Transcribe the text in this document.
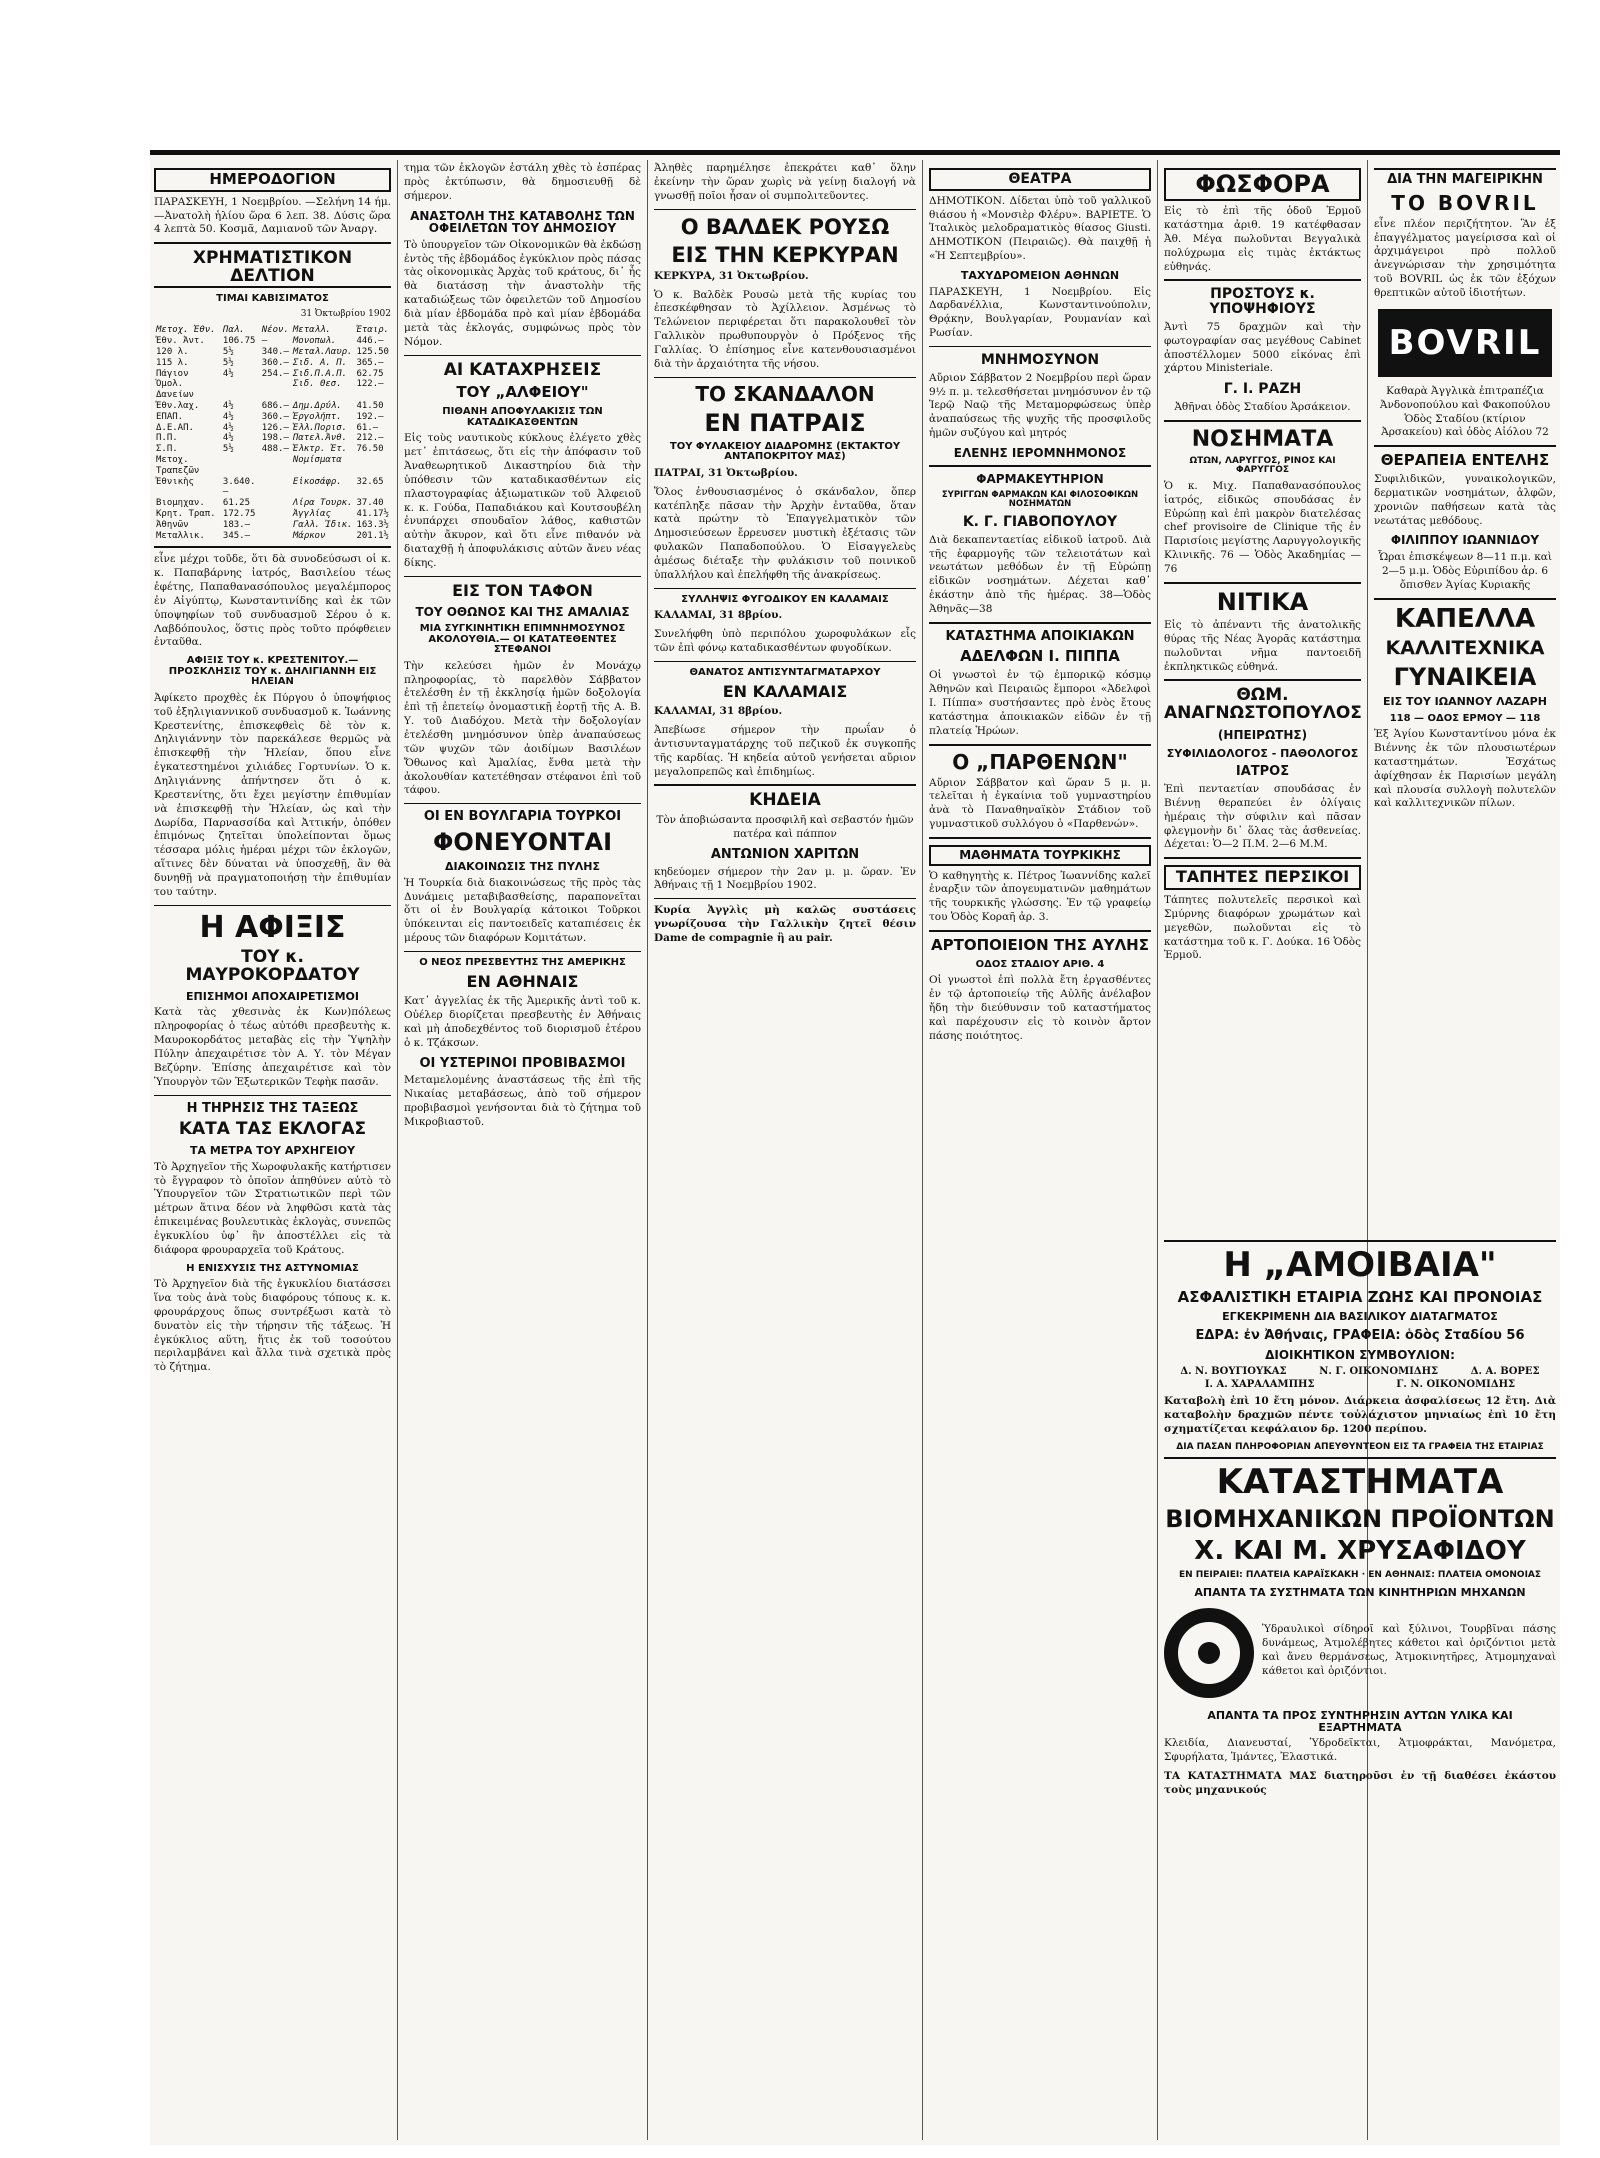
ΗΜΕΡΟΔΟΓΙΟΝ

ΠΑΡΑΣΚΕΥΗ, 1 Νοεμβρίου. —Σελήνη 14 ήμ.—Ἀνατολὴ ἡλίου ὥρα 6 λεπ. 38. Δύσις ὥρα 4 λεπτὰ 50. Κοσμᾶ, Δαμιανοῦ τῶν Ἀναργ.

ΧΡΗΜΑΤΙΣΤΙΚΟΝ ΔΕΛΤΙΟΝ
ΤΙΜΑΙ ΚΑΒΙΣΙΜΑΤΟΣ
31 Ὀκτωβρίου 1902
Μετοχ. Ἐθν.	Παλ.	Νέον.	Μεταλλ.	Ἐταιρ.
Ἐθν. Ἀντ.	106.75	—	Μονοπωλ.	446.—
120 λ.	5½	340.—	Μεταλ.Λαυρ.	125.50
115 λ.	5½	360.—	Σιδ. Α. Π.	365.—
Πάγιον	4½	254.—	Σιδ.Π.Α.Π.	62.75
Ὁμολ. Δανείων			Σιδ. Θεσ.	122.—
Ἐθν.λαχ.	4½	686.—	Δημ.Δρύλ.	41.50
ΕΠΑΠ.	4½	360.—	Ἐργολήπτ.	192.—
Δ.Ε.ΑΠ.	4½	126.—	Ἑλλ.Πορισ.	61.—
Π.Π.	4½	198.—	Πατελ.Ἀνθ.	212.—
Σ.Π.	5½	488.—	Ἑλκτρ. Ἐτ.	76.50
Μετοχ. Τραπεζῶν			Νομίσματα	
Ἐθνικὴς	3.640.—		Εἰκοσάφρ.	32.65
Βιομηχαν.	61.25		Λίρα Τουρκ.	37.40
Κρητ. Τραπ.	172.75		Ἀγγλίας	41.17½
Ἀθηνῶν	183.—		Γαλλ. Ἰδικ.	163.3½
Μεταλλικ.	345.—		Μάρκον	201.1½

εἶνε μέχρι τοῦδε, ὅτι δὰ συνοδεύσωσι οἱ κ. κ. Παπαβάρνης ἰατρός, Βασιλείου τέως ἐφέτης, Παπαθανασόπουλος μεγαλέμπορος ἐν Αἰγύπτῳ, Κωνσταντινίδης καὶ ἐκ τῶν ὑποψηφίων τοῦ συνδυασμοῦ Σέρου ὁ κ. Λαβδόπουλος, ὅστις πρὸς τοῦτο πρόφθειεν ἐνταῦθα.

ΑΦΙΞΙΣ ΤΟΥ κ. ΚΡΕΣΤΕΝΙΤΟΥ.— ΠΡΟΣΚΛΗΣΙΣ ΤΟΥ κ. ΔΗΛΙΓΙΑΝΝΗ ΕΙΣ ΗΛΕΙΑΝ

Ἀφίκετο προχθὲς ἐκ Πύργου ὁ ὑποψήφιος τοῦ ἐξηλιγιαννικοῦ συνδυασμοῦ κ. Ἰωάννης Κρεστενίτης, ἐπισκεφθεὶς δὲ τὸν κ. Δηλιγιάννην τὸν παρεκάλεσε θερμῶς νὰ ἐπισκεφθῇ τὴν Ἠλείαν, ὅπου εἶνε ἐγκατεστημένοι χιλιάδες Γορτυνίων. Ὁ κ. Δηλιγιάννης ἀπήντησεν ὅτι ὁ κ. Κρεστενίτης, ὅτι ἔχει μεγίστην ἐπιθυμίαν νὰ ἐπισκεφθῇ τὴν Ἠλείαν, ὡς καὶ τὴν Δωρίδα, Παρνασσίδα καὶ Ἀττικήν, ὁπόθεν ἐπιμόνως ζητεῖται ὑπολείπονται ὅμως τέσσαρα μόλις ἡμέραι μέχρι τῶν ἐκλογῶν, αἵτινες δὲν δύναται νὰ ὑποσχεθῇ, ἂν θὰ δυνηθῇ νὰ πραγματοποιήσῃ τὴν ἐπιθυμίαν του ταύτην.

Η ΑΦΙΞΙΣ
ΤΟΥ κ. ΜΑΥΡΟΚΟΡΔΑΤΟΥ
ΕΠΙΣΗΜΟΙ ΑΠΟΧΑΙΡΕΤΙΣΜΟΙ

Κατὰ τὰς χθεσινὰς ἐκ Κων)πόλεως πληροφορίας ὁ τέως αὐτόθι πρεσβευτὴς κ. Μαυροκορδάτος μεταβὰς εἰς τὴν Ὑψηλὴν Πύλην ἀπεχαιρέτισε τὸν Α. Υ. τὸν Μέγαν Βεζύρην. Ἐπίσης ἀπεχαιρέτισε καὶ τὸν Ὑπουργὸν τῶν Ἐξωτερικῶν Τεφὴκ πασᾶν.

Η ΤΗΡΗΣΙΣ ΤΗΣ ΤΑΞΕΩΣ
ΚΑΤΑ ΤΑΣ ΕΚΛΟΓΑΣ
ΤΑ ΜΕΤΡΑ ΤΟΥ ΑΡΧΗΓΕΙΟΥ

Τὸ Ἀρχηγεῖον τῆς Χωροφυλακῆς κατήρτισεν τὸ ἔγγραφον τὸ ὁποῖον ἀπηθύνεν αὐτὸ τὸ Ὑπουργεῖον τῶν Στρατιωτικῶν περὶ τῶν μέτρων ἅτινα δέον νὰ ληφθῶσι κατὰ τὰς ἐπικειμένας βουλευτικὰς ἐκλογὰς, συνεπῶς ἐγκυκλίου ὑφ᾽ ἣν ἀποστέλλει εἰς τὰ διάφορα φρουραρχεῖα τοῦ Κράτους.

Η ΕΝΙΣΧΥΣΙΣ ΤΗΣ ΑΣΤΥΝΟΜΙΑΣ

Τὸ Ἀρχηγεῖον διὰ τῆς ἐγκυκλίου διατάσσει ἵνα τοὺς ἀνὰ τοὺς διαφόρους τόπους κ. κ. φρουράρχους ὅπως συντρέξωσι κατὰ τὸ δυνατὸν εἰς τὴν τήρησιν τῆς τάξεως. Ἡ ἐγκύκλιος αὕτη, ἥτις ἐκ τοῦ τοσούτου περιλαμβάνει καὶ ἄλλα τινὰ σχετικὰ πρὸς τὸ ζήτημα.

τημα τῶν ἐκλογῶν ἐστάλη χθὲς τὸ ἑσπέρας πρὸς ἐκτύπωσιν, θὰ δημοσιευθῇ δὲ σήμερον.

ΑΝΑΣΤΟΛΗ ΤΗΣ ΚΑΤΑΒΟΛΗΣ ΤΩΝ ΟΦΕΙΛΕΤΩΝ ΤΟΥ ΔΗΜΟΣΙΟΥ

Τὸ ὑπουργεῖον τῶν Οἰκονομικῶν θὰ ἐκδώσῃ ἐντὸς τῆς ἑβδομάδος ἐγκύκλιον πρὸς πάσας τὰς οἰκονομικὰς Ἀρχὰς τοῦ κράτους, δι᾽ ἧς θὰ διατάσσῃ τὴν ἀναστολὴν τῆς καταδιώξεως τῶν ὀφειλετῶν τοῦ Δημοσίου διὰ μίαν ἑβδομάδα πρὸ καὶ μίαν ἑβδομάδα μετὰ τὰς ἐκλογάς, συμφώνως πρὸς τὸν Νόμον.

ΑΙ ΚΑΤΑΧΡΗΣΕΙΣ
ΤΟΥ „ΑΛΦΕΙΟΥ"
ΠΙΘΑΝΗ ΑΠΟΦΥΛΑΚΙΣΙΣ ΤΩΝ ΚΑΤΑΔΙΚΑΣΘΕΝΤΩΝ

Εἰς τοὺς ναυτικοὺς κύκλους ἐλέγετο χθὲς μετ᾽ ἐπιτάσεως, ὅτι εἰς τὴν ἀπόφασιν τοῦ Ἀναθεωρητικοῦ Δικαστηρίου διὰ τὴν ὑπόθεσιν τῶν καταδικασθέντων εἰς πλαστογραφίας ἀξιωματικῶν τοῦ Ἀλφειοῦ κ. κ. Γούδα, Παπαδιάκου καὶ Κουτσουβέλη ἐνυπάρχει σπουδαῖον λάθος, καθιστῶν αὐτὴν ἄκυρον, καὶ ὅτι εἶνε πιθανόν νὰ διαταχθῇ ἡ ἀποφυλάκισις αὐτῶν ἄνευ νέας δίκης.

ΕΙΣ ΤΟΝ ΤΑΦΟΝ
ΤΟΥ ΟΘΩΝΟΣ ΚΑΙ ΤΗΣ ΑΜΑΛΙΑΣ
ΜΙΑ ΣΥΓΚΙΝΗΤΙΚΗ ΕΠΙΜΝΗΜΟΣΥΝΟΣ ΑΚΟΛΟΥΘΙΑ.— ΟΙ ΚΑΤΑΤΕΘΕΝΤΕΣ ΣΤΕΦΑΝΟΙ

Τὴν κελεύσει ἡμῶν ἐν Μονάχῳ πληροφορίας, τὸ παρελθὸν Σάββατον ἐτελέσθη ἐν τῇ ἐκκλησίᾳ ἡμῶν δοξολογία ἐπὶ τῇ ἐπετείῳ ὀνομαστικῇ ἑορτῇ τῆς Α. Β. Υ. τοῦ Διαδόχου. Μετὰ τὴν δοξολογίαν ἐτελέσθη μνημόσυνον ὑπὲρ ἀναπαύσεως τῶν ψυχῶν τῶν ἀοιδίμων Βασιλέων Ὄθωνος καὶ Ἀμαλίας, ἔνθα μετὰ τὴν ἀκολουθίαν κατετέθησαν στέφανοι ἐπὶ τοῦ τάφου.

ΟΙ ΕΝ ΒΟΥΛΓΑΡΙΑ ΤΟΥΡΚΟΙ
ΦΟΝΕΥΟΝΤΑΙ
ΔΙΑΚΟΙΝΩΣΙΣ ΤΗΣ ΠΥΛΗΣ

Ἡ Τουρκία διὰ διακοινώσεως τῆς πρὸς τὰς Δυνάμεις μεταβιβασθείσης, παραπονεῖται ὅτι οἱ ἐν Βουλγαρίᾳ κάτοικοι Τοῦρκοι ὑπόκεινται εἰς παντοειδεῖς καταπιέσεις ἐκ μέρους τῶν διαφόρων Κομιτάτων.

Ο ΝΕΟΣ ΠΡΕΣΒΕΥΤΗΣ ΤΗΣ ΑΜΕΡΙΚΗΣ
ΕΝ ΑΘΗΝΑΙΣ

Κατ᾽ ἀγγελίας ἐκ τῆς Ἀμερικῆς ἀντὶ τοῦ κ. Οὐέλερ διορίζεται πρεσβευτὴς ἐν Ἀθήναις καὶ μὴ ἀποδεχθέντος τοῦ διορισμοῦ ἐτέρου ὁ κ. Τζάκσων.

ΟΙ ΥΣΤΕΡΙΝΟΙ ΠΡΟΒΙΒΑΣΜΟΙ

Μεταμελομένης ἀναστάσεως τῆς ἐπὶ τῆς Νικαίας μεταβάσεως, ἀπὸ τοῦ σήμερον προβιβασμοὶ γενήσονται διὰ τὸ ζήτημα τοῦ Μικροβιαστοῦ.

Ἀληθὲς παρημέλησε ἐπεκράτει καθ᾽ ὅλην ἐκείνην τὴν ὥραν χωρὶς νὰ γείνῃ διαλογή νὰ γνωσθῇ ποῖοι ἦσαν οἱ συμπολιτεῦοντες.

Ο ΒΑΛΔΕΚ ΡΟΥΣΩ
ΕΙΣ ΤΗΝ ΚΕΡΚΥΡΑΝ
ΚΕΡΚΥΡΑ, 31 Ὀκτωβρίου.

Ὁ κ. Βαλδὲκ Ρουσὼ μετὰ τῆς κυρίας του ἐπεσκέφθησαν τὸ Ἀχίλλειον. Ἀσμένως τὸ Τελώνειον περιφέρεται ὅτι παρακολουθεῖ τὸν Γαλλικὸν πρωθυπουργὸν ὁ Πρόξενος τῆς Γαλλίας. Ὁ ἐπίσημος εἶνε κατενθουσιασμένοι διὰ τὴν ἀρχαιότητα τῆς νήσου.

ΤΟ ΣΚΑΝΔΑΛΟΝ
ΕΝ ΠΑΤΡΑΙΣ
ΤΟΥ ΦΥΛΑΚΕΙΟΥ ΔΙΑΔΡΟΜΗΣ (ΕΚΤΑΚΤΟΥ ΑΝΤΑΠΟΚΡΙΤΟΥ ΜΑΣ)
ΠΑΤΡΑΙ, 31 Ὀκτωβρίου.

Ὅλος ἐνθουσιασμένος ὁ σκάνδαλον, ὅπερ κατέπληξε πᾶσαν τὴν Ἀρχὴν ἐνταῦθα, ὅταν κατὰ πρώτην τὸ Ἐπαγγελματικὸν τῶν Δημοσιεύσεων ἔρρευσεν μυστικὴ ἐξέτασις τῶν φυλακῶν Παπαδοπούλου. Ὁ Εἰσαγγελεὺς ἀμέσως διέταξε τὴν φυλάκισιν τοῦ ποινικοῦ ὑπαλλήλου καὶ ἐπελήφθη τῆς ἀνακρίσεως.

ΣΥΛΛΗΨΙΣ ΦΥΓΟΔΙΚΟΥ ΕΝ ΚΑΛΑΜΑΙΣ
ΚΑΛΑΜΑΙ, 31 8βρίου.

Συνελήφθη ὑπὸ περιπόλου χωροφυλάκων εἷς τῶν ἐπὶ φόνῳ καταδικασθέντων φυγοδίκων.

ΘΑΝΑΤΟΣ ΑΝΤΙΣΥΝΤΑΓΜΑΤΑΡΧΟΥ
ΕΝ ΚΑΛΑΜΑΙΣ
ΚΑΛΑΜΑΙ, 31 8βρίου.

Ἀπεβίωσε σήμερον τὴν πρωΐαν ὁ ἀντισυνταγματάρχης τοῦ πεζικοῦ ἐκ συγκοπῆς τῆς καρδίας. Ἡ κηδεία αὐτοῦ γενήσεται αὔριον μεγαλοπρεπῶς καὶ ἐπιδημίως.

ΚΗΔΕΙΑ

Τὸν ἀποβιώσαντα προσφιλῆ καὶ σεβαστόν ἡμῶν πατέρα καὶ πάππον

ΑΝΤΩΝΙΟΝ ΧΑΡΙΤΩΝ

κηδεύομεν σήμερον τὴν 2αν μ. μ. ὥραν. Ἐν Ἀθήναις τῇ 1 Νοεμβρίου 1902.

Κυρία Ἀγγλὶς μὴ καλῶς συστάσεις γνωρίζουσα τὴν Γαλλικὴν ζητεῖ θέσιν Dame de compagnie ἢ au pair.

ΘΕΑΤΡΑ

ΔΗΜΟΤΙΚΟΝ. Δίδεται ὑπὸ τοῦ γαλλικοῦ θιάσου ἡ «Μονσιὲρ Φλέρυ». ΒΑΡΙΕΤΕ. Ὁ Ἰταλικὸς μελοδραματικὸς θίασος Giusti. ΔΗΜΟΤΙΚΟΝ (Πειραιῶς). Θὰ παιχθῇ ἡ «Ἡ Σεπτεμβρίου».

ΤΑΧΥΔΡΟΜΕΙΟΝ ΑΘΗΝΩΝ

ΠΑΡΑΣΚΕΥΗ, 1 Νοεμβρίου. Εἰς Δαρδανέλλια, Κωνσταντινούπολιν, Θρᾴκην, Βουλγαρίαν, Ρουμανίαν καὶ Ρωσίαν.

ΜΝΗΜΟΣΥΝΟΝ

Αὔριον Σάββατον 2 Νοεμβρίου περὶ ὥραν 9½ π. μ. τελεσθήσεται μνημόσυνον ἐν τῷ Ἱερῷ Ναῷ τῆς Μεταμορφώσεως ὑπὲρ ἀναπαύσεως τῆς ψυχῆς τῆς προσφιλοῦς ἡμῶν συζύγου καὶ μητρός

ΕΛΕΝΗΣ ΙΕΡΟΜΝΗΜΟΝΟΣ
ΦΑΡΜΑΚΕΥΤΗΡΙΟΝ
ΣΥΡΙΓΓΩΝ ΦΑΡΜΑΚΩΝ ΚΑΙ ΦΙΛΟΣΟΦΙΚΩΝ ΝΟΣΗΜΑΤΩΝ
Κ. Γ. ΓΙΑΒΟΠΟΥΛΟΥ

Διὰ δεκαπενταετίας εἰδικοῦ ἰατροῦ. Διὰ τῆς ἐφαρμογῆς τῶν τελειοτάτων καὶ νεωτάτων μεθόδων ἐν τῇ Εὐρώπῃ εἰδικῶν νοσημάτων. Δέχεται καθ᾽ ἑκάστην ἀπὸ τῆς ἡμέρας. 38—Ὁδὸς Ἀθηνᾶς—38

ΚΑΤΑΣΤΗΜΑ ΑΠΟΙΚΙΑΚΩΝ
ΑΔΕΛΦΩΝ Ι. ΠΙΠΠΑ

Οἱ γνωστοὶ ἐν τῷ ἐμπορικῷ κόσμῳ Ἀθηνῶν καὶ Πειραιῶς ἔμποροι «Ἀδελφοὶ Ι. Πίππα» συστήσαντες πρὸ ἑνὸς ἔτους κατάστημα ἀποικιακῶν εἰδῶν ἐν τῇ πλατείᾳ Ἡρώων.

Ο „ΠΑΡΘΕΝΩΝ"

Αὔριον Σάββατον καὶ ὥραν 5 μ. μ. τελεῖται ἡ ἐγκαίνια τοῦ γυμναστηρίου ἀνὰ τὸ Παναθηναϊκὸν Στάδιον τοῦ γυμναστικοῦ συλλόγου ὁ «Παρθενών».

ΜΑΘΗΜΑΤΑ ΤΟΥΡΚΙΚΗΣ

Ὁ καθηγητὴς κ. Πέτρος Ἰωαννίδης καλεῖ ἐναρξιν τῶν ἀπογευματινῶν μαθημάτων τῆς τουρκικῆς γλώσσης. Ἐν τῷ γραφείῳ του Ὁδὸς Κοραῆ ἀρ. 3.

ΑΡΤΟΠΟΙΕΙΟΝ ΤΗΣ ΑΥΛΗΣ
ΟΔΟΣ ΣΤΑΔΙΟΥ ΑΡΙΘ. 4

Οἱ γνωστοὶ ἐπὶ πολλὰ ἔτη ἐργασθέντες ἐν τῷ ἀρτοποιείῳ τῆς Αὐλῆς ἀνέλαβον ἤδη τὴν διεύθυνσιν τοῦ καταστήματος καὶ παρέχουσιν εἰς τὸ κοινὸν ἄρτον πάσης ποιότητος.

ΦΩΣΦΟΡΑ

Εἰς τὸ ἐπὶ τῆς ὁδοῦ Ἑρμοῦ κατάστημα ἀριθ. 19 κατέφθασαν Ἀθ. Μέγα πωλοῦνται Βεγγαλικὰ πολύχρωμα εἰς τιμὰς ἐκτάκτως εὐθηνάς.

ΠΡΟΣΤΟΥΣ κ. ΥΠΟΨΗΦΙΟΥΣ

Ἀντὶ 75 δραχμῶν καὶ τὴν φωτογραφίαν σας μεγέθους Cabinet ἀποστέλλομεν 5000 εἰκόνας ἐπὶ χάρτου Ministeriale.

Γ. Ι. ΡΑΖΗ
Ἀθῆναι ὁδὸς Σταδίου Ἀρσάκειον.
ΝΟΣΗΜΑΤΑ
ΩΤΩΝ, ΛΑΡΥΓΓΟΣ, ΡΙΝΟΣ ΚΑΙ ΦΑΡΥΓΓΟΣ

Ὁ κ. Μιχ. Παπαθανασόπουλος ἰατρός, εἰδικῶς σπουδάσας ἐν Εὐρώπῃ καὶ ἐπὶ μακρὸν διατελέσας chef provisoire de Clinique τῆς ἐν Παρισίοις μεγίστης Λαρυγγολογικῆς Κλινικῆς. 76 — Ὁδὸς Ἀκαδημίας — 76

ΝΙΤΙΚΑ

Εἰς τὸ ἀπέναντι τῆς ἀνατολικῆς θύρας τῆς Νέας Ἀγορᾶς κατάστημα πωλοῦνται νῆμα παντοειδῆ ἐκπληκτικῶς εὐθηνά.

ΘΩΜ. ΑΝΑΓΝΩΣΤΟΠΟΥΛΟΣ
(ΗΠΕΙΡΩΤΗΣ)
ΣΥΦΙΛΙΔΟΛΟΓΟΣ - ΠΑΘΟΛΟΓΟΣ
ΙΑΤΡΟΣ

Ἐπὶ πενταετίαν σπουδάσας ἐν Βιέννῃ θεραπεύει ἐν ὀλίγαις ἡμέραις τὴν σύφιλιν καὶ πᾶσαν φλεγμονὴν δι᾽ ὅλας τὰς ἀσθενείας. Δέχεται: Ὁ—2 Π.Μ. 2—6 Μ.Μ.

ΤΑΠΗΤΕΣ ΠΕΡΣΙΚΟΙ

Τάπητες πολυτελεῖς περσικοὶ καὶ Σμύρνης διαφόρων χρωμάτων καὶ μεγεθῶν, πωλοῦνται εἰς τὸ κατάστημα τοῦ κ. Γ. Δούκα. 16 Ὁδὸς Ἑρμοῦ.

ΔΙΑ ΤΗΝ ΜΑΓΕΙΡΙΚΗΝ
ΤΟ BOVRIL

εἶνε πλέον περιζήτητον. Ἂν ἐξ ἐπαγγέλματος μαγείρισσα καὶ οἱ ἀρχιμάγειροι πρὸ πολλοῦ ἀνεγνώρισαν τὴν χρησιμότητα τοῦ BOVRIL ὡς ἐκ τῶν ἐξόχων θρεπτικῶν αὐτοῦ ἰδιοτήτων.

BOVRIL

Καθαρὰ Ἀγγλικὰ ἐπιτραπέζια Ἀνδονοπούλου καὶ Φακοπούλου Ὁδὸς Σταδίου (κτίριον Ἀρσακείου) καὶ ὁδὸς Αἰόλου 72

ΘΕΡΑΠΕΙΑ ΕΝΤΕΛΗΣ

Συφιλιδικῶν, γυναικολογικῶν, δερματικῶν νοσημάτων, ἀλφῶν, χρονιῶν παθήσεων κατὰ τὰς νεωτάτας μεθόδους.

ΦΙΛΙΠΠΟΥ ΙΩΑΝΝΙΔΟΥ

Ὧραι ἐπισκέψεων 8—11 π.μ. καὶ 2—5 μ.μ. Ὁδὸς Εὐριπίδου ἀρ. 6 ὄπισθεν Ἁγίας Κυριακῆς

ΚΑΠΕΛΛΑ
ΚΑΛΛΙΤΕΧΝΙΚΑ
ΓΥΝΑΙΚΕΙΑ
ΕΙΣ ΤΟΥ ΙΩΑΝΝΟΥ ΛΑΖΑΡΗ
118 — ΟΔΟΣ ΕΡΜΟΥ — 118

Ἐξ Ἁγίου Κωνσταντίνου μόνα ἐκ Βιέννης ἐκ τῶν πλουσιωτέρων καταστημάτων. Ἐσχάτως ἀφίχθησαν ἐκ Παρισίων μεγάλη καὶ πλουσία συλλογὴ πολυτελῶν καὶ καλλιτεχνικῶν πίλων.

Η „ΑΜΟΙΒΑΙΑ"
ΑΣΦΑΛΙΣΤΙΚΗ ΕΤΑΙΡΙΑ ΖΩΗΣ ΚΑΙ ΠΡΟΝΟΙΑΣ
ΕΓΚΕΚΡΙΜΕΝΗ ΔΙΑ ΒΑΣΙΛΙΚΟΥ ΔΙΑΤΑΓΜΑΤΟΣ
ΕΔΡΑ: ἐν Ἀθήναις, ΓΡΑΦΕΙΑ: ὁδὸς Σταδίου 56
ΔΙΟΙΚΗΤΙΚΟΝ ΣΥΜΒΟΥΛΙΟΝ:
Δ. Ν. ΒΟΥΓΙΟΥΚΑΣ	Ν. Γ. ΟΙΚΟΝΟΜΙΔΗΣ	Δ. Α. ΒΟΡΕΣ
Ι. Α. ΧΑΡΑΛΑΜΠΗΣ	Γ. Ν. ΟΙΚΟΝΟΜΙΔΗΣ

Καταβολὴ ἐπὶ 10 ἔτη μόνον. Διάρκεια ἀσφαλίσεως 12 ἔτη. Διὰ καταβολὴν δραχμῶν πέντε τοὐλάχιστον μηνιαίως ἐπὶ 10 ἔτη σχηματίζεται κεφάλαιον δρ. 1200 περίπου.

ΔΙΑ ΠΑΣΑΝ ΠΛΗΡΟΦΟΡΙΑΝ ΑΠΕΥΘΥΝΤΕΟΝ ΕΙΣ ΤΑ ΓΡΑΦΕΙΑ ΤΗΣ ΕΤΑΙΡΙΑΣ
ΚΑΤΑΣΤΗΜΑΤΑ
ΒΙΟΜΗΧΑΝΙΚΩΝ ΠΡΟΪΟΝΤΩΝ
Χ. ΚΑΙ Μ. ΧΡΥΣΑΦΙΔΟΥ
ΕΝ ΠΕΙΡΑΙΕΙ: ΠΛΑΤΕΙΑ ΚΑΡΑΪΣΚΑΚΗ · ΕΝ ΑΘΗΝΑΙΣ: ΠΛΑΤΕΙΑ ΟΜΟΝΟΙΑΣ
ΑΠΑΝΤΑ ΤΑ ΣΥΣΤΗΜΑΤΑ ΤΩΝ ΚΙΝΗΤΗΡΙΩΝ ΜΗΧΑΝΩΝ

Ὑδραυλικοὶ σίδηροῖ καὶ ξύλινοι, Τουρβῖναι πάσης δυνάμεως, Ἀτμολέβητες κάθετοι καὶ ὁριζόντιοι μετὰ καὶ ἄνευ θερμάνσεως, Ἀτμοκινητῆρες, Ἀτμομηχαναὶ κάθετοι καὶ ὁριζόντιοι.

ΑΠΑΝΤΑ ΤΑ ΠΡΟΣ ΣΥΝΤΗΡΗΣΙΝ ΑΥΤΩΝ ΥΛΙΚΑ ΚΑΙ ΕΞΑΡΤΗΜΑΤΑ

Κλειδία, Διανευσταί, Ὑδροδεῖκται, Ἀτμοφράκται, Μανόμετρα, Σφυρήλατα, Ἱμάντες, Ἐλαστικά.

ΤΑ ΚΑΤΑΣΤΗΜΑΤΑ ΜΑΣ διατηροῦσι ἐν τῇ διαθέσει ἑκάστου τοὺς μηχανικούς
